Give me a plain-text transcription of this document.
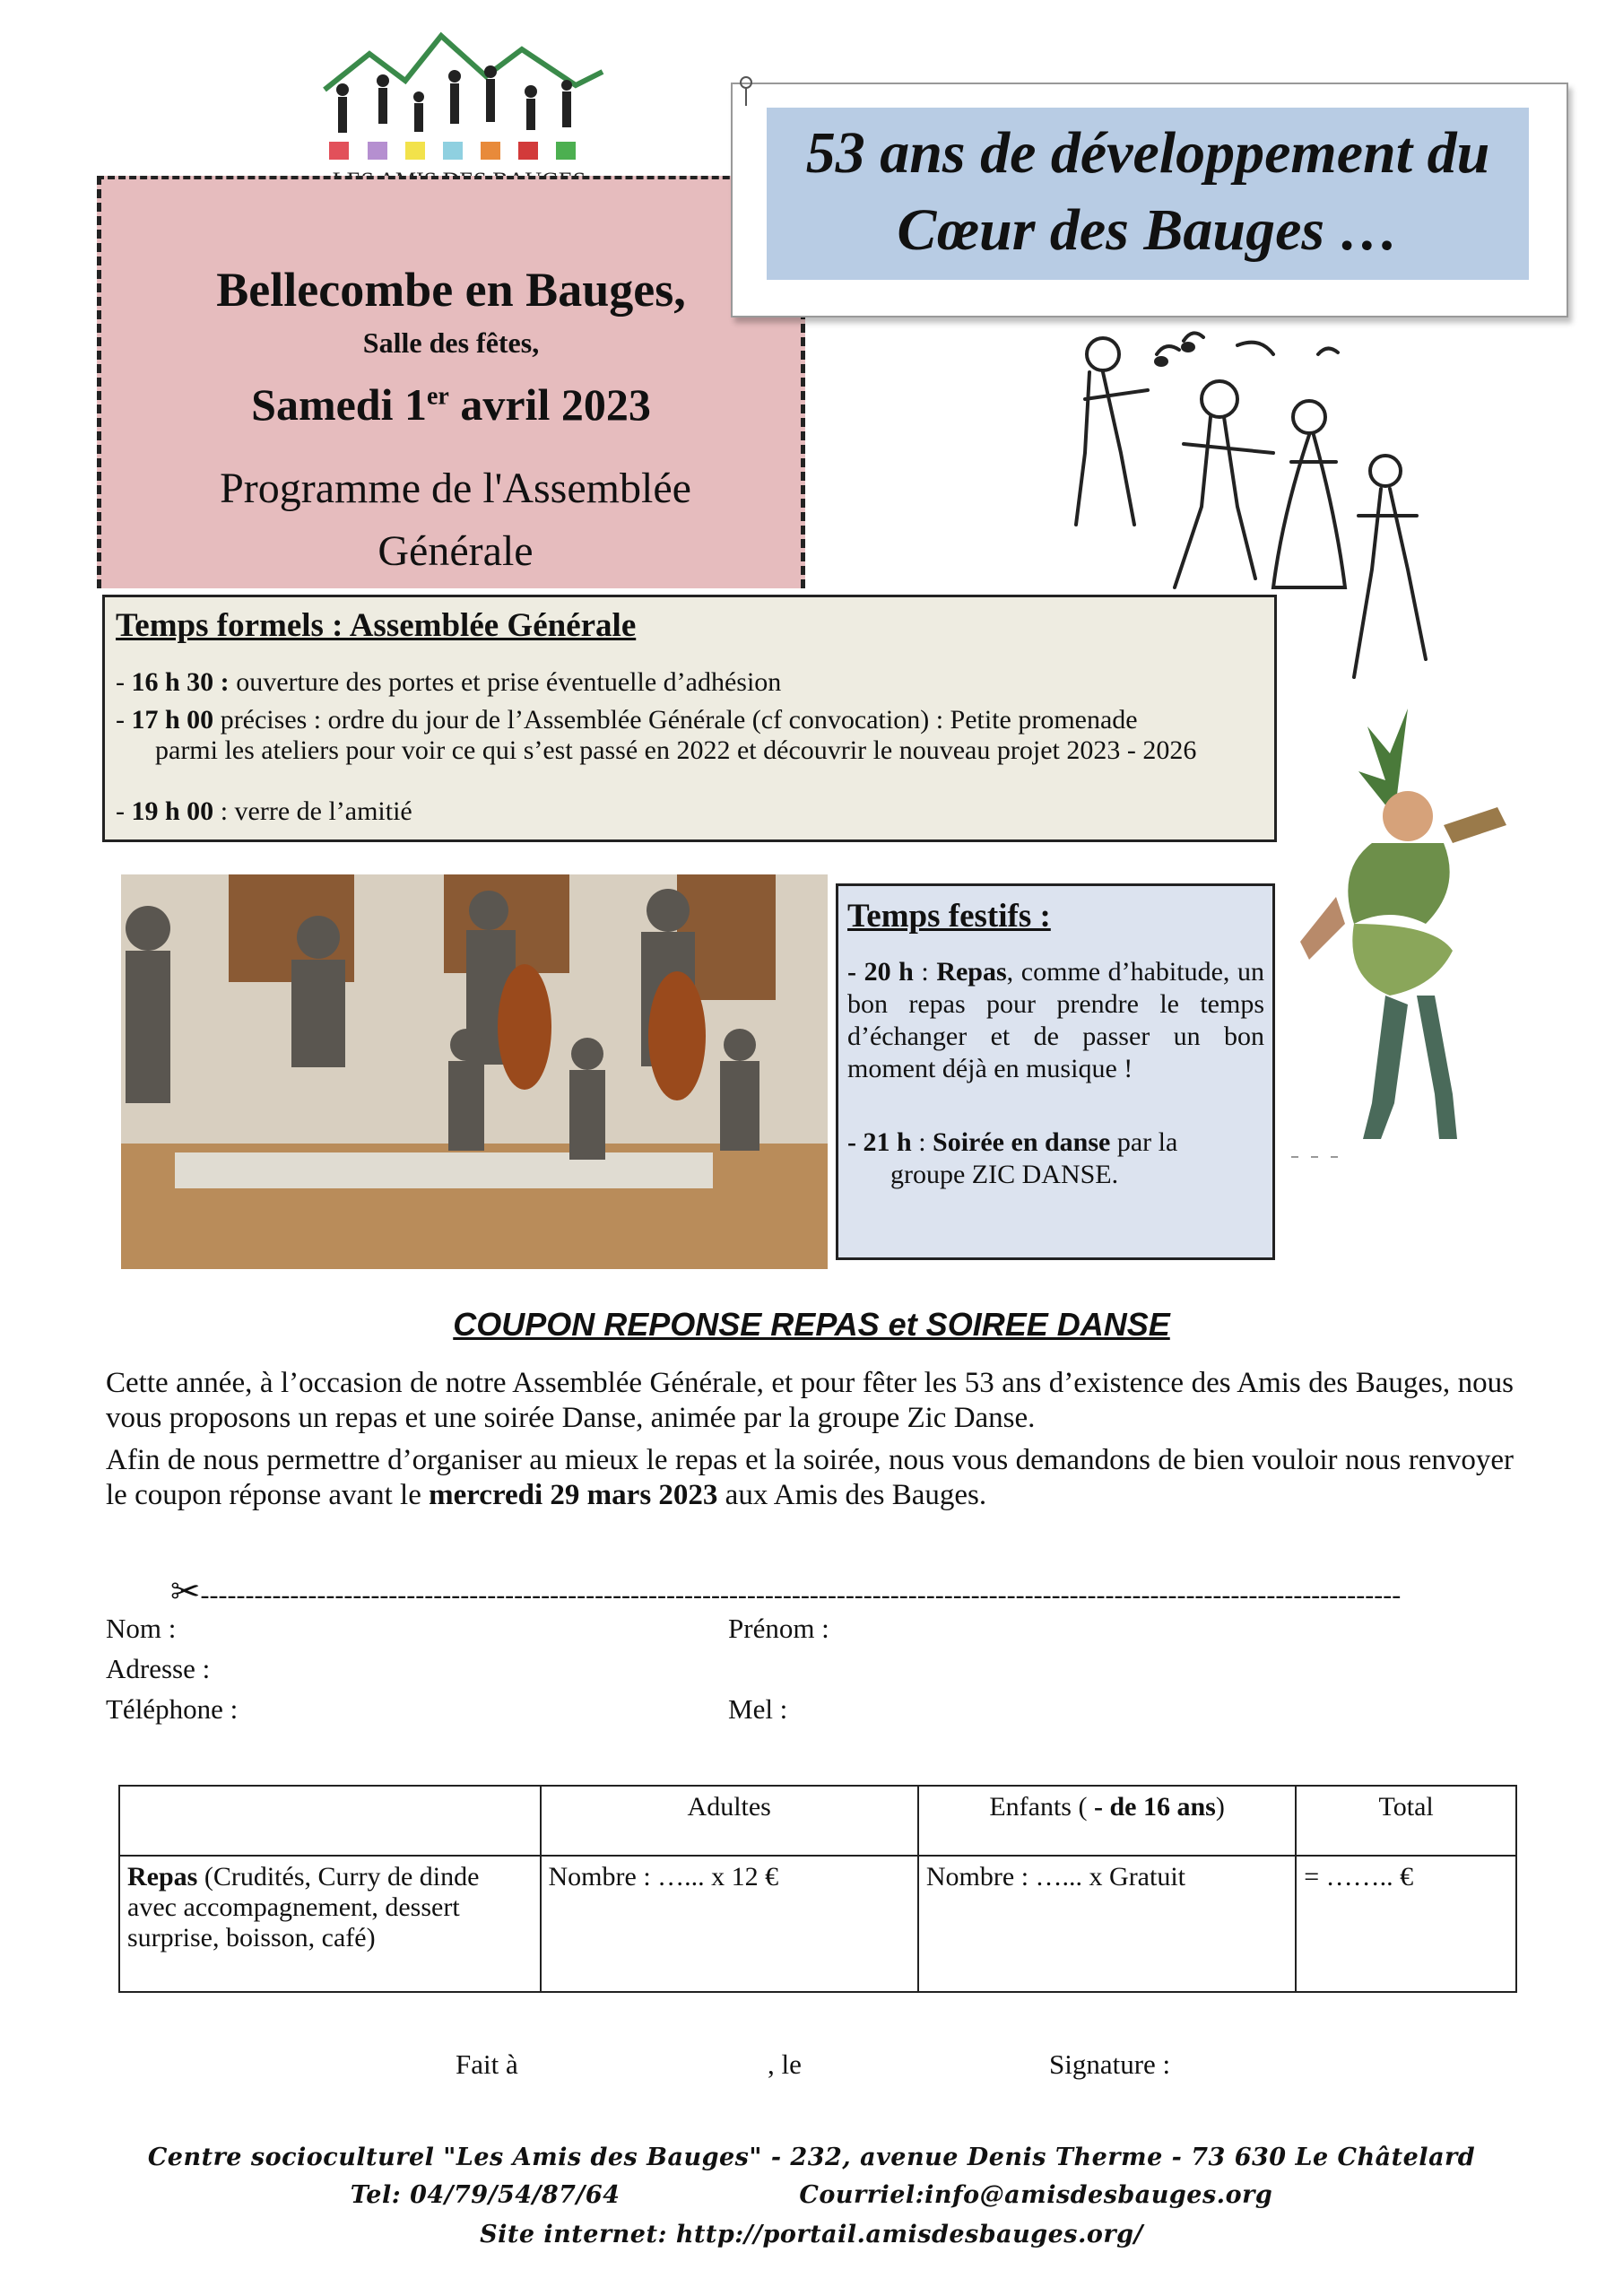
Bellecombe en Bauges,
Salle des fêtes,
Samedi 1er avril 2023
Programme de l'Assemblée Générale
53 ans de développement du
Cœur des Bauges …
Temps formels : Assemblée Générale
- 16 h 30 : ouverture des portes et prise éventuelle d’adhésion
- 17 h 00 précises : ordre du jour de l’Assemblée Générale (cf convocation) : Petite promenade
parmi les ateliers pour voir ce qui s’est passé en 2022 et découvrir le nouveau projet 2023 - 2026
- 19 h 00 : verre de l’amitié
Temps festifs :
- 20 h : Repas, comme d’habitude, un bon repas pour prendre le temps d’échanger et de passer un bon moment déjà en musique !
- 21 h : Soirée en danse par la
groupe ZIC DANSE.
COUPON REPONSE REPAS et SOIREE DANSE
Cette année, à l’occasion de notre Assemblée Générale, et pour fêter les 53 ans d’existence des Amis des Bauges, nous vous proposons un repas et une soirée Danse, animée par la groupe Zic Danse.
Afin de nous permettre d’organiser au mieux le repas et la soirée, nous vous demandons de bien vouloir nous renvoyer le coupon réponse avant le mercredi 29 mars 2023 aux Amis des Bauges.
✂--------------------------------------------------------------------------------------------------------------------------------------
Nom :	Prénom :
Adresse :
Téléphone :	Mel :
	Adultes	Enfants ( - de 16 ans)	Total
Repas (Crudités, Curry de dinde avec accompagnement, dessert surprise, boisson, café)	Nombre : …... x 12 €	Nombre : …... x Gratuit	= …….. €
Fait à	, le	Signature :
Centre socioculturel "Les Amis des Bauges" - 232, avenue Denis Therme - 73 630 Le Châtelard
Tel: 04/79/54/87/64	Courriel:info@amisdesbauges.org
Site internet: http://portail.amisdesbauges.org/
